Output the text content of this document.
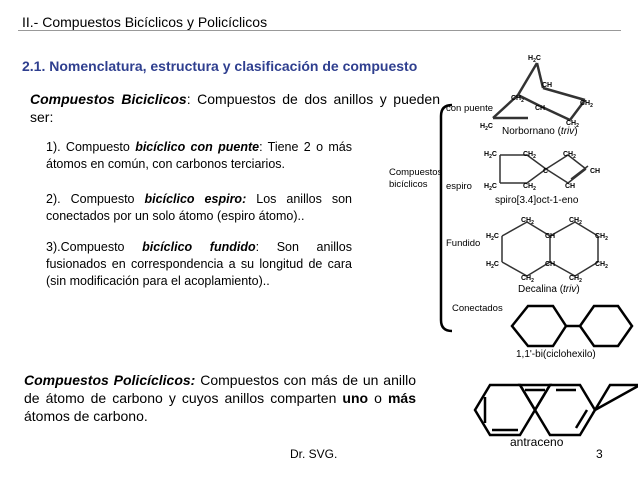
II.- Compuestos Bicíclicos y Policíclicos
2.1. Nomenclatura, estructura y clasificación de compuesto
Compuestos Biciclicos: Compuestos de dos anillos y pueden ser:
1). Compuesto bicíclico con puente: Tiene 2 o más átomos en común, con carbonos terciarios.
2). Compuesto bicíclico espiro: Los anillos son conectados por un solo átomo (espiro átomo)..
3).Compuesto bicíclico fundido: Son anillos fusionados en correspondencia a su longitud de cara (sin modificación para el acoplamiento)..
Compuestos Policíclicos: Compuestos con más de un anillo de átomo de carbono y cuyos anillos comparten uno o más átomos de carbono.
Dr. SVG.	3
Compuestos
bicíclicos
$H_2C$
CH
$CH_2$
CH
$CH_2$
$CH_2$
$H_2C$
$H_2C$	$CH_2$	$CH_2$
C	CH
$H_2C$	$CH_2$	CH
$CH_2$	$CH_2$
$H_2C$	CH	$CH_2$
$H_2C$	CH	$CH_2$
$CH_2$	$CH_2$
con puente
espiro
Fundido
Conectados
Norbornano (triv)
spiro[3.4]oct-1-eno
Decalina (triv)
1,1'-bi(ciclohexilo)
antraceno
